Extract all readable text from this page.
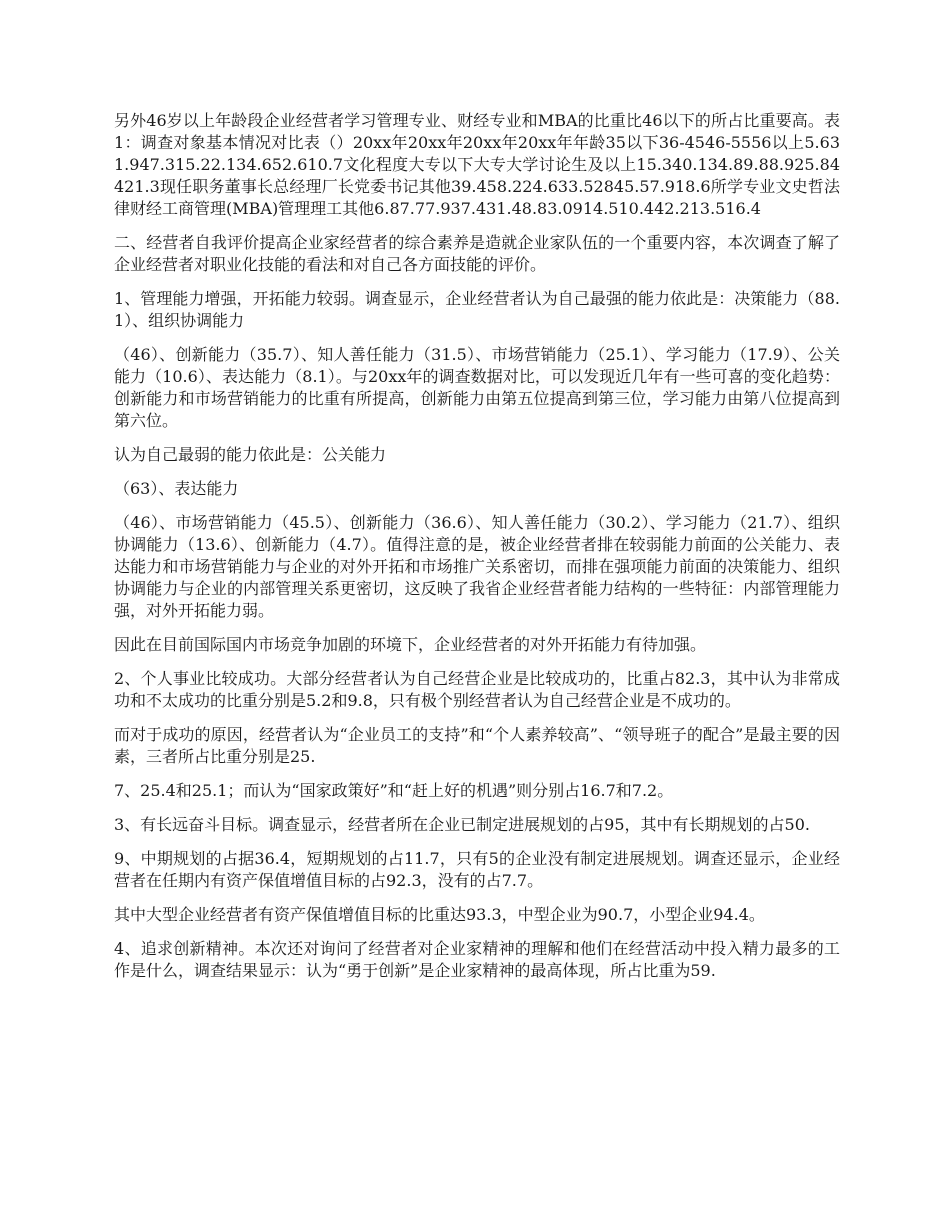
另外46岁以上年龄段企业经营者学习管理专业、财经专业和MBA的比重比46以下的所占比重要高。表1：调查对象基本情况对比表（）20xx年20xx年20xx年20xx年年龄35以下36-4546-5556以上5.631.947.315.22.134.652.610.7文化程度大专以下大专大学讨论生及以上15.340.134.89.88.925.84421.3现任职务董事长总经理厂长党委书记其他39.458.224.633.52845.57.918.6所学专业文史哲法律财经工商管理(MBA)管理理工其他6.87.77.937.431.48.83.0914.510.442.213.516.4

二、经营者自我评价提高企业家经营者的综合素养是造就企业家队伍的一个重要内容，本次调查了解了企业经营者对职业化技能的看法和对自己各方面技能的评价。

1、管理能力增强，开拓能力较弱。调查显示，企业经营者认为自己最强的能力依此是：决策能力（88.1）、组织协调能力

（46）、创新能力（35.7）、知人善任能力（31.5）、市场营销能力（25.1）、学习能力（17.9）、公关能力（10.6）、表达能力（8.1）。与20xx年的调查数据对比，可以发现近几年有一些可喜的变化趋势：创新能力和市场营销能力的比重有所提高，创新能力由第五位提高到第三位，学习能力由第八位提高到第六位。

认为自己最弱的能力依此是：公关能力

（63）、表达能力

（46）、市场营销能力（45.5）、创新能力（36.6）、知人善任能力（30.2）、学习能力（21.7）、组织协调能力（13.6）、创新能力（4.7）。值得注意的是，被企业经营者排在较弱能力前面的公关能力、表达能力和市场营销能力与企业的对外开拓和市场推广关系密切，而排在强项能力前面的决策能力、组织协调能力与企业的内部管理关系更密切，这反映了我省企业经营者能力结构的一些特征：内部管理能力强，对外开拓能力弱。

因此在目前国际国内市场竞争加剧的环境下，企业经营者的对外开拓能力有待加强。

2、个人事业比较成功。大部分经营者认为自己经营企业是比较成功的，比重占82.3，其中认为非常成功和不太成功的比重分别是5.2和9.8，只有极个别经营者认为自己经营企业是不成功的。

而对于成功的原因，经营者认为“企业员工的支持”和“个人素养较高”、“领导班子的配合”是最主要的因素，三者所占比重分别是25.

7、25.4和25.1；而认为“国家政策好”和“赶上好的机遇”则分别占16.7和7.2。

3、有长远奋斗目标。调查显示，经营者所在企业已制定进展规划的占95，其中有长期规划的占50.

9、中期规划的占据36.4，短期规划的占11.7，只有5的企业没有制定进展规划。调查还显示，企业经营者在任期内有资产保值增值目标的占92.3，没有的占7.7。

其中大型企业经营者有资产保值增值目标的比重达93.3，中型企业为90.7，小型企业94.4。

4、追求创新精神。本次还对询问了经营者对企业家精神的理解和他们在经营活动中投入精力最多的工作是什么，调查结果显示：认为“勇于创新”是企业家精神的最高体现，所占比重为59.
